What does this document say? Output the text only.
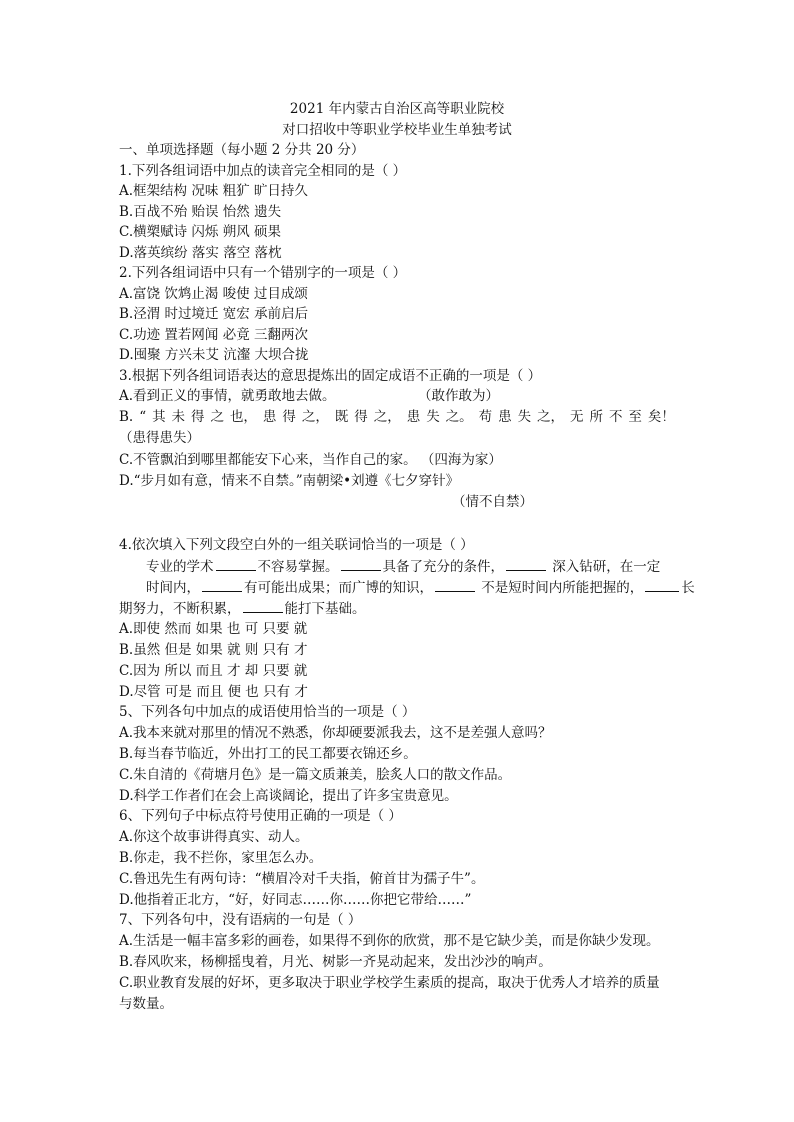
2021 年内蒙古自治区高等职业院校
对口招收中等职业学校毕业生单独考试
一、单项选择题（每小题 2 分共 20 分）
1.下列各组词语中加点的读音完全相同的是（ ）
A.框架结构 况味 粗犷 旷日持久
B.百战不殆 贻误 怡然 遗失
C.横槊赋诗 闪烁 朔风 硕果
D.落英缤纷 落实 落空 落枕
2.下列各组词语中只有一个错别字的一项是（ ）
A.富饶 饮鸩止渴 唆使 过目成颂
B.泾渭 时过境迁 宽宏 承前启后
C.功迹 置若网闻 必竟 三翻两次
D.囤聚 方兴未艾 沆瀣 大坝合拢
3.根据下列各组词语表达的意思提炼出的固定成语不正确的一项是（ ）
A.看到正义的事情，就勇敢地去做。	（敢作敢为）
B. “ 其 未 得 之 也， 患 得 之， 既 得 之， 患 失 之。 苟 患 失 之， 无 所 不 至 矣！
（患得患失）
C.不管飘泊到哪里都能安下心来，当作自己的家。 （四海为家）
D.“步月如有意，情来不自禁。”南朝梁•刘遵《七夕穿针》
（情不自禁）
4.依次填入下列文段空白外的一组关联词恰当的一项是（ ）
专业的学术	不容易掌握。	具备了充分的条件，	深入钻研，在一定
时间内，	有可能出成果；而广博的知识，	不是短时间内所能把握的，	长
期努力，不断积累，	能打下基础。
A.即使 然而 如果 也 可 只要 就
B.虽然 但是 如果 就 则 只有 才
C.因为 所以 而且 才 却 只要 就
D.尽管 可是 而且 便 也 只有 才
5、下列各句中加点的成语使用恰当的一项是（ ）
A.我本来就对那里的情况不熟悉，你却硬要派我去，这不是差强人意吗？
B.每当春节临近，外出打工的民工都要衣锦还乡。
C.朱自清的《荷塘月色》是一篇文质兼美，脍炙人口的散文作品。
D.科学工作者们在会上高谈阔论，提出了许多宝贵意见。
6、下列句子中标点符号使用正确的一项是（ ）
A.你这个故事讲得真实、动人。
B.你走，我不拦你，家里怎么办。
C.鲁迅先生有两句诗：“横眉冷对千夫指，俯首甘为孺子牛”。
D.他指着正北方，“好，好同志……你……你把它带给……”
7、下列各句中，没有语病的一句是（ ）
A.生活是一幅丰富多彩的画卷，如果得不到你的欣赏，那不是它缺少美，而是你缺少发现。
B.春风吹来，杨柳摇曳着，月光、树影一齐晃动起来，发出沙沙的响声。
C.职业教育发展的好坏，更多取决于职业学校学生素质的提高，取决于优秀人才培养的质量
与数量。
